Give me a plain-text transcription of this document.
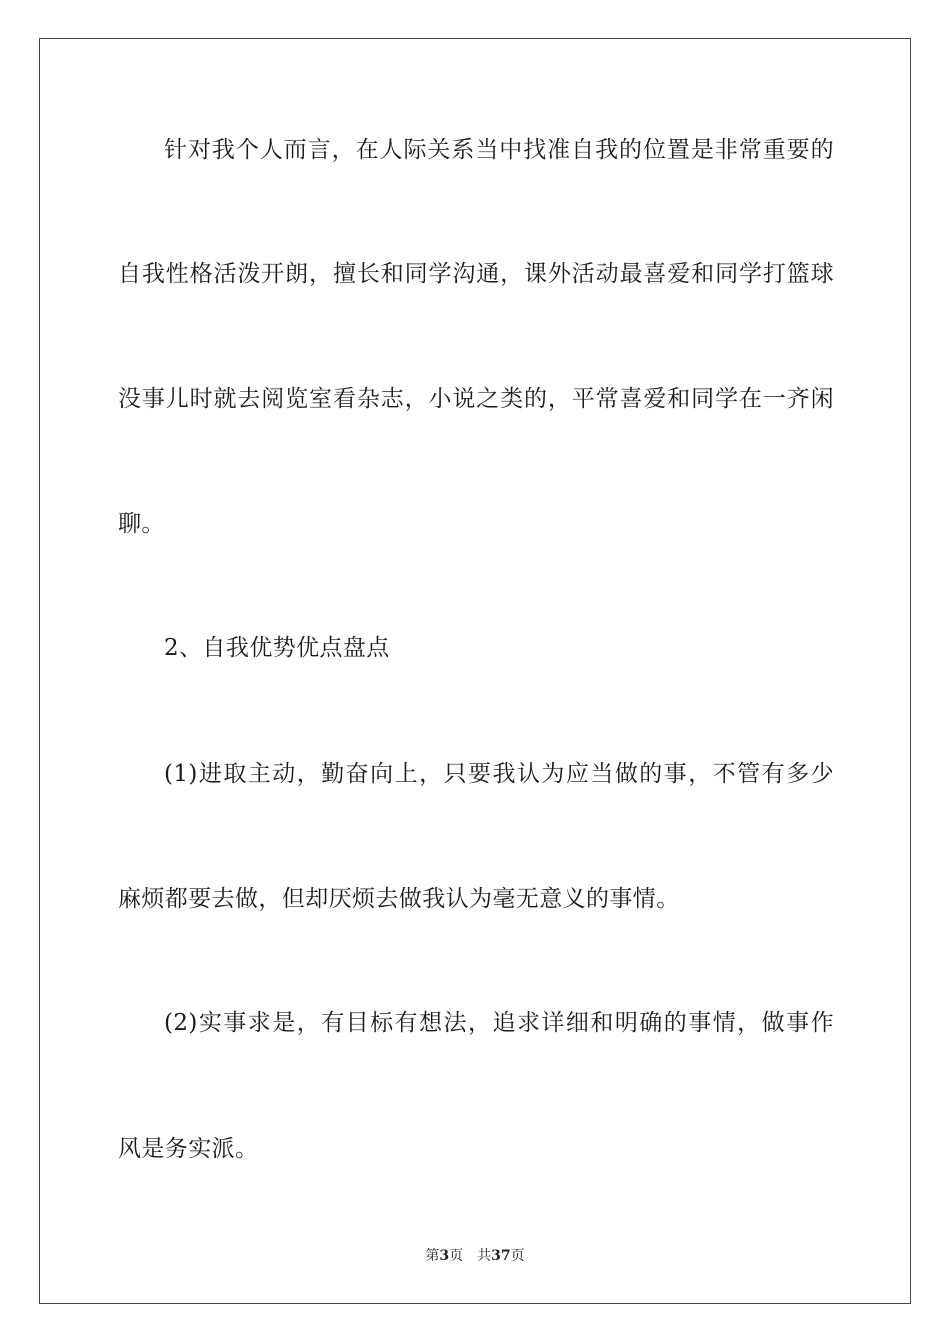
针对我个人而言，在人际关系当中找准自我的位置是非常重要的
自我性格活泼开朗，擅长和同学沟通，课外活动最喜爱和同学打篮球
没事儿时就去阅览室看杂志，小说之类的，平常喜爱和同学在一齐闲
聊。
2、自我优势优点盘点
(1)进取主动，勤奋向上，只要我认为应当做的事，不管有多少
麻烦都要去做，但却厌烦去做我认为毫无意义的事情。
(2)实事求是，有目标有想法，追求详细和明确的事情，做事作
风是务实派。
第3页 共37页
